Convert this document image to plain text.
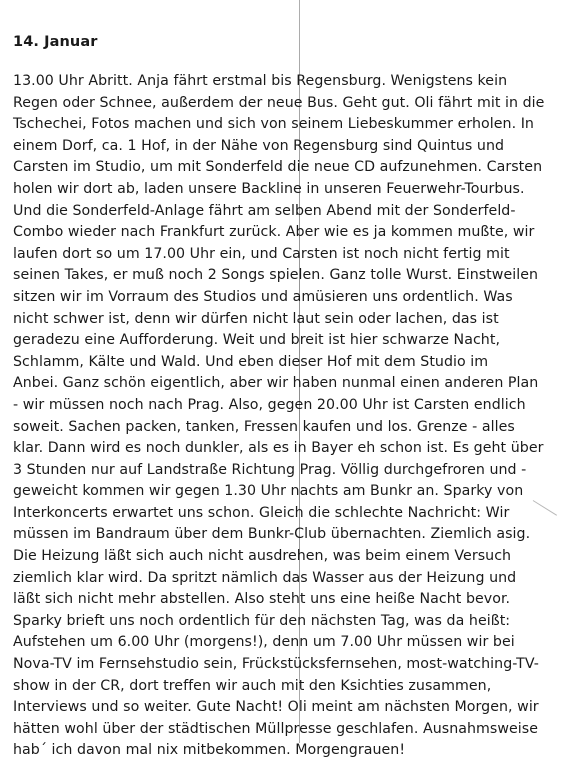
14. Januar
13.00 Uhr Abritt. Anja fährt erstmal bis Regensburg. Wenigstens kein
Regen oder Schnee, außerdem der neue Bus. Geht gut. Oli fährt mit in die
Tschechei, Fotos machen und sich von seinem Liebeskummer erholen. In
einem Dorf, ca. 1 Hof, in der Nähe von Regensburg sind Quintus und
Carsten im Studio, um mit Sonderfeld die neue CD aufzunehmen. Carsten
holen wir dort ab, laden unsere Backline in unseren Feuerwehr-Tourbus.
Und die Sonderfeld-Anlage fährt am selben Abend mit der Sonderfeld-
Combo wieder nach Frankfurt zurück. Aber wie es ja kommen mußte, wir
laufen dort so um 17.00 Uhr ein, und Carsten ist noch nicht fertig mit
seinen Takes, er muß noch 2 Songs spielen. Ganz tolle Wurst. Einstweilen
sitzen wir im Vorraum des Studios und amüsieren uns ordentlich. Was
nicht schwer ist, denn wir dürfen nicht laut sein oder lachen, das ist
geradezu eine Aufforderung. Weit und breit ist hier schwarze Nacht,
Schlamm, Kälte und Wald. Und eben dieser Hof mit dem Studio im
Anbei. Ganz schön eigentlich, aber wir haben nunmal einen anderen Plan
- wir müssen noch nach Prag. Also, gegen 20.00 Uhr ist Carsten endlich
soweit. Sachen packen, tanken, Fressen kaufen und los. Grenze - alles
klar. Dann wird es noch dunkler, als es in Bayer eh schon ist. Es geht über
3 Stunden nur auf Landstraße Richtung Prag. Völlig durchgefroren und -
geweicht kommen wir gegen 1.30 Uhr nachts am Bunkr an. Sparky von
Interkoncerts erwartet uns schon. Gleich die schlechte Nachricht: Wir
müssen im Bandraum über dem Bunkr-Club übernachten. Ziemlich asig.
Die Heizung läßt sich auch nicht ausdrehen, was beim einem Versuch
ziemlich klar wird. Da spritzt nämlich das Wasser aus der Heizung und
läßt sich nicht mehr abstellen. Also steht uns eine heiße Nacht bevor.
Sparky brieft uns noch ordentlich für den nächsten Tag, was da heißt:
Aufstehen um 6.00 Uhr (morgens!), denn um 7.00 Uhr müssen wir bei
Nova-TV im Fernsehstudio sein, Frückstücksfernsehen, most-watching-TV-
show in der CR, dort treffen wir auch mit den Ksichties zusammen,
Interviews und so weiter. Gute Nacht! Oli meint am nächsten Morgen, wir
hätten wohl über der städtischen Müllpresse geschlafen. Ausnahmsweise
hab´ ich davon mal nix mitbekommen. Morgengrauen!
